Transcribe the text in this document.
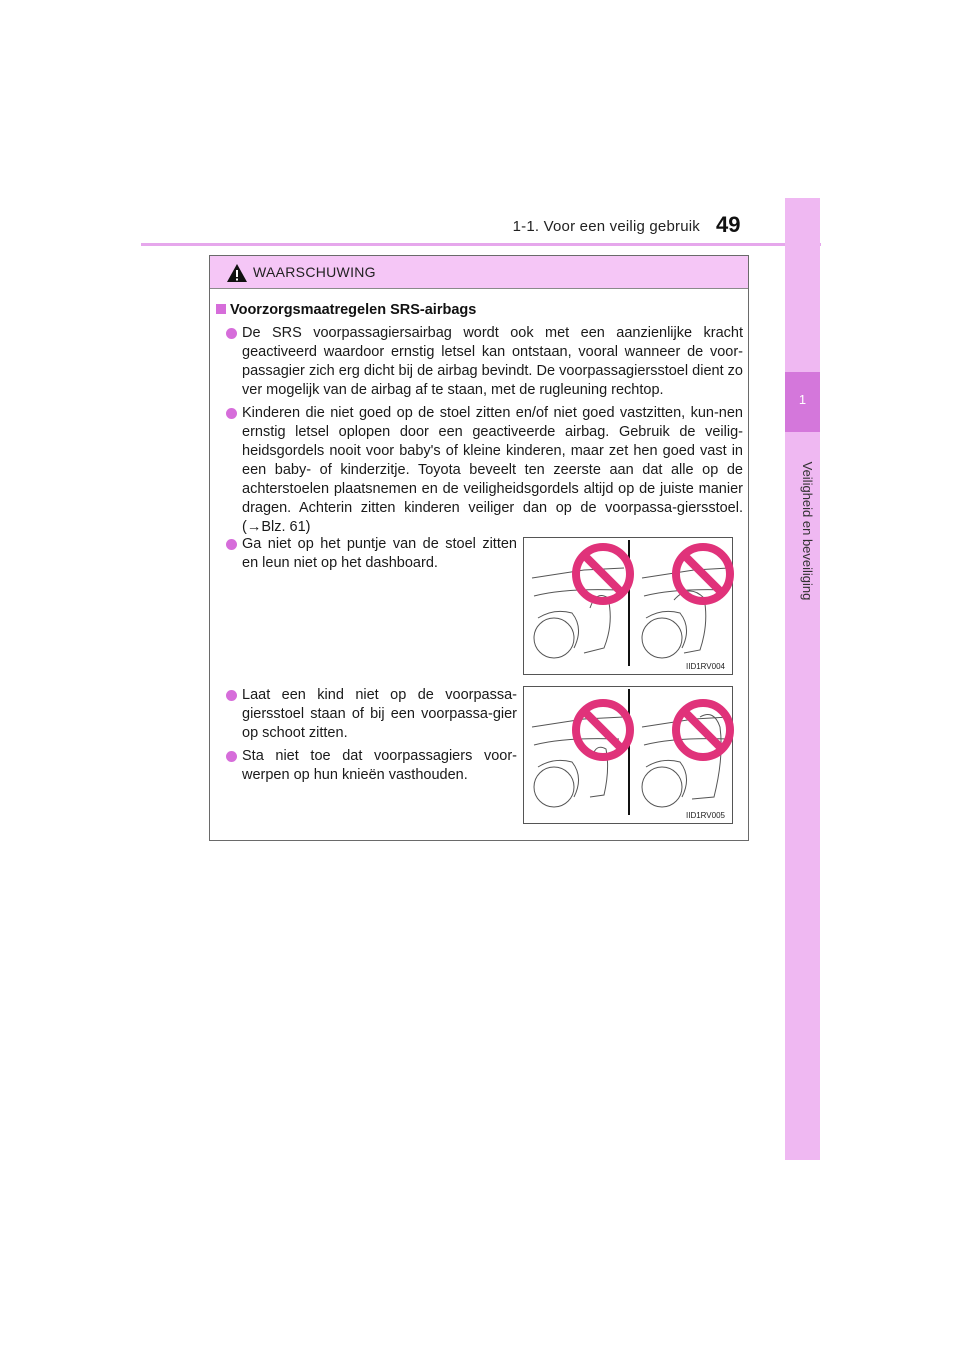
1-1. Voor een veilig gebruik 49
1
Veiligheid en beveiliging
WAARSCHUWING
Voorzorgsmaatregelen SRS-airbags
De SRS voorpassagiersairbag wordt ook met een aanzienlijke kracht geactiveerd waardoor ernstig letsel kan ontstaan, vooral wanneer de voor-passagier zich erg dicht bij de airbag bevindt. De voorpassagiersstoel dient zo ver mogelijk van de airbag af te staan, met de rugleuning rechtop.
Kinderen die niet goed op de stoel zitten en/of niet goed vastzitten, kun-nen ernstig letsel oplopen door een geactiveerde airbag. Gebruik de veilig-heidsgordels nooit voor baby's of kleine kinderen, maar zet hen goed vast in een baby- of kinderzitje. Toyota beveelt ten zeerste aan dat alle op de achterstoelen plaatsnemen en de veiligheidsgordels altijd op de juiste manier dragen. Achterin zitten kinderen veiliger dan op de voorpassa-giersstoel. (→Blz. 61)
Ga niet op het puntje van de stoel zitten en leun niet op het dashboard.
Laat een kind niet op de voorpassa-giersstoel staan of bij een voorpassa-gier op schoot zitten.
Sta niet toe dat voorpassagiers voor-werpen op hun knieën vasthouden.
IID1RV004
IID1RV005
